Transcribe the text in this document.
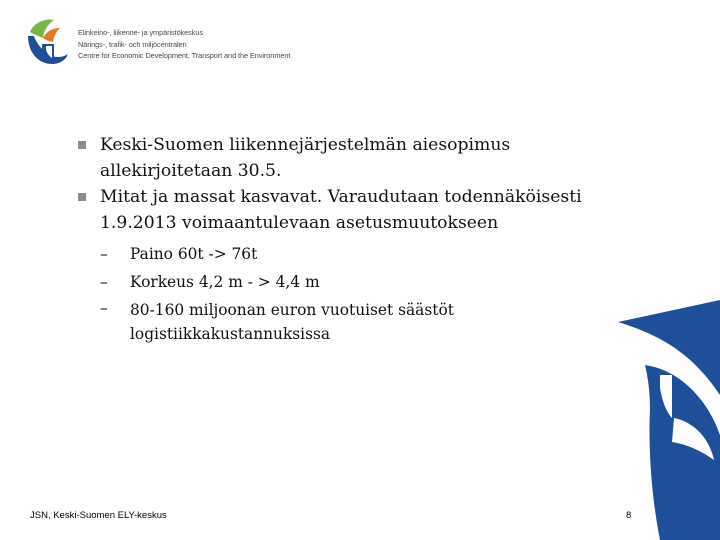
Elinkeino-, liikenne- ja ympäristökeskus
Närings-, trafik- och miljöcentralen
Centre for Economic Development, Transport and the Environment
Keski-Suomen liikennejärjestelmän aiesopimus allekirjoitetaan 30.5.
Mitat ja massat kasvavat. Varaudutaan todennäköisesti 1.9.2013 voimaantulevaan asetusmuutokseen
– Paino 60t -> 76t
– Korkeus 4,2 m - > 4,4 m
– 80-160 miljoonan euron vuotuiset säästöt logistiikkakustannuksissa
JSN, Keski-Suomen ELY-keskus	8
